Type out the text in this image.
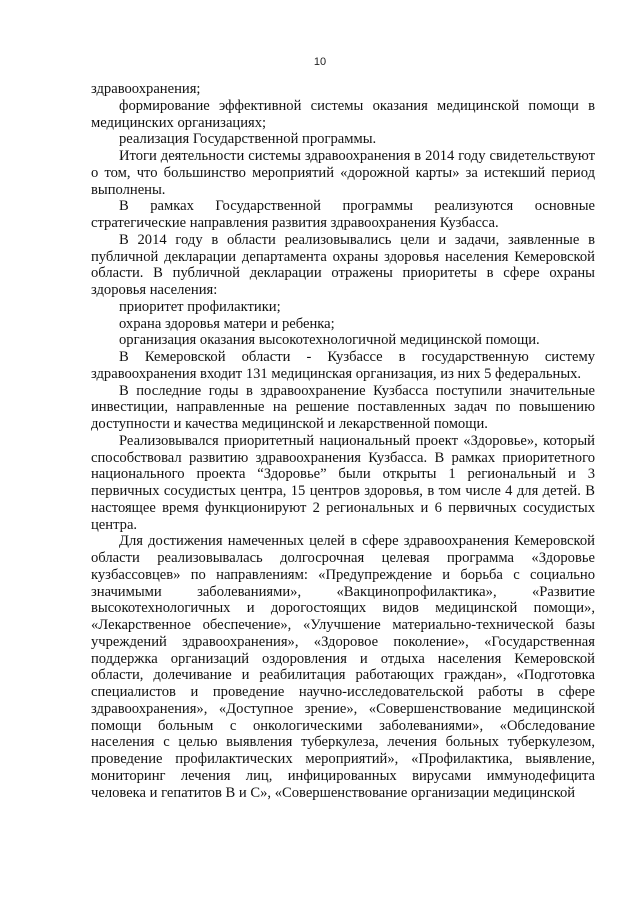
10

здравоохранения;

формирование эффективной системы оказания медицинской помощи в медицинских организациях;

реализация Государственной программы.

Итоги деятельности системы здравоохранения в 2014 году свидетельствуют о том, что большинство мероприятий «дорожной карты» за истекший период выполнены.

В рамках Государственной программы реализуются основные стратегические направления развития здравоохранения Кузбасса.

В 2014 году в области реализовывались цели и задачи, заявленные в публичной декларации департамента охраны здоровья населения Кемеровской области. В публичной декларации отражены приоритеты в сфере охраны здоровья населения:

приоритет профилактики;

охрана здоровья матери и ребенка;

организация оказания высокотехнологичной медицинской помощи.

В Кемеровской области - Кузбассе в государственную систему здравоохранения входит 131 медицинская организация, из них 5 федеральных.

В последние годы в здравоохранение Кузбасса поступили значительные инвестиции, направленные на решение поставленных задач по повышению доступности и качества медицинской и лекарственной помощи.

Реализовывался приоритетный национальный проект «Здоровье», который способствовал развитию здравоохранения Кузбасса. В рамках приоритетного национального проекта “Здоровье” были открыты 1 региональный и 3 первичных сосудистых центра, 15 центров здоровья, в том числе 4 для детей. В настоящее время функционируют 2 региональных и 6 первичных сосудистых центра.

Для достижения намеченных целей в сфере здравоохранения Кемеровской области реализовывалась долгосрочная целевая программа «Здоровье кузбассовцев» по направлениям: «Предупреждение и борьба с социально значимыми заболеваниями», «Вакцинопрофилактика», «Развитие высокотехнологичных и дорогостоящих видов медицинской помощи», «Лекарственное обеспечение», «Улучшение материально-технической базы учреждений здравоохранения», «Здоровое поколение», «Государственная поддержка организаций оздоровления и отдыха населения Кемеровской области, долечивание и реабилитация работающих граждан», «Подготовка специалистов и проведение научно-исследовательской работы в сфере здравоохранения», «Доступное зрение», «Совершенствование медицинской помощи больным с онкологическими заболеваниями», «Обследование населения с целью выявления туберкулеза, лечения больных туберкулезом, проведение профилактических мероприятий», «Профилактика, выявление, мониторинг лечения лиц, инфицированных вирусами иммунодефицита человека и гепатитов В и С», «Совершенствование организации медицинской
